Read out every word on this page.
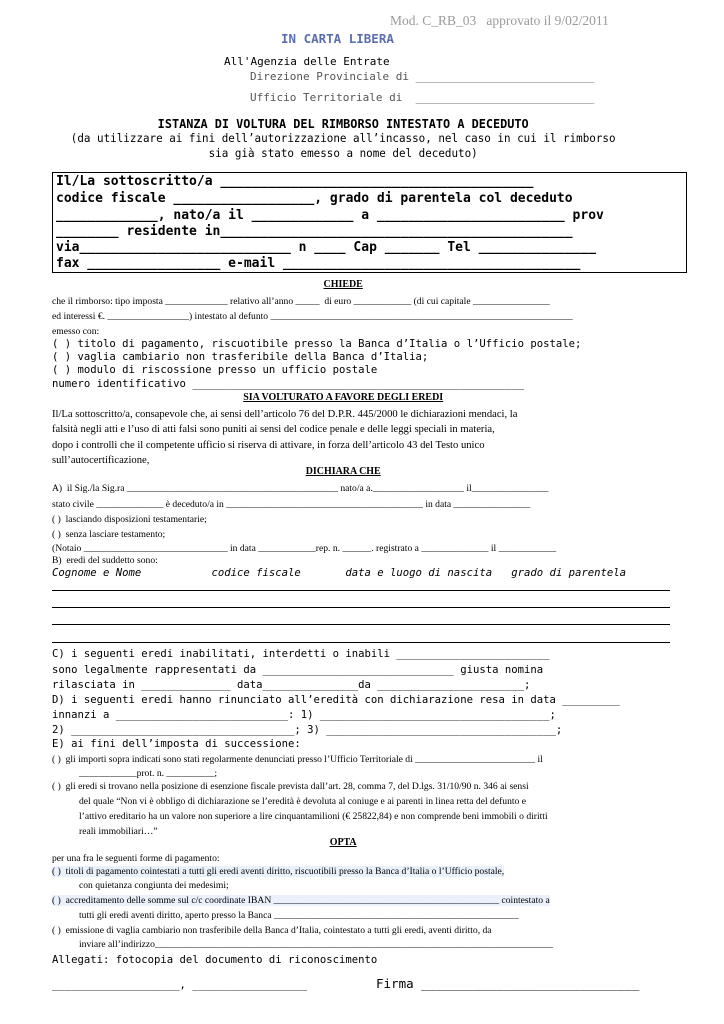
Mod. C_RB_03   approvato il 9/02/2011
IN CARTA LIBERA
All'Agenzia delle Entrate
Direzione Provinciale di ___________________________
Ufficio Territoriale di  ___________________________
ISTANZA DI VOLTURA DEL RIMBORSO INTESTATO A DECEDUTO
(da utilizzare ai fini dell’autorizzazione all’incasso, nel caso in cui il rimborso
sia già stato emesso a nome del deceduto)
Il/La sottoscritto/a ________________________________________
codice fiscale __________________, grado di parentela col deceduto
_____________, nato/a il _____________ a ________________________ prov
________ residente in_____________________________________________
via___________________________ n ____ Cap _______ Tel _______________
fax _________________ e-mail ______________________________________
CHIEDE
che il rimborso: tipo imposta _____________ relativo all’anno _____  di euro ____________ (di cui capitale ________________
ed interessi €. _________________) intestato al defunto _______________________________________________________________
emesso con:
( ) titolo di pagamento, riscuotibile presso la Banca d’Italia o l’Ufficio postale;
( ) vaglia cambiario non trasferibile della Banca d’Italia;
( ) modulo di riscossione presso un ufficio postale
numero identificativo ____________________________________________________
SIA VOLTURATO A FAVORE DEGLI EREDI
Il/La sottoscritto/a, consapevole che, ai sensi dell’articolo 76 del D.P.R. 445/2000 le dichiarazioni mendaci, la
falsità negli atti e l’uso di atti falsi sono puniti ai sensi del codice penale e delle leggi speciali in materia,
dopo i controlli che il competente ufficio si riserva di attivare, in forza dell’articolo 43 del Testo unico
sull’autocertificazione,
DICHIARA CHE
A)  il Sig./la Sig.ra ____________________________________________ nato/a a.___________________ il________________
stato civile ______________ è deceduto/a in _________________________________________ in data ________________
( )  lasciando disposizioni testamentarie;
( )  senza lasciare testamento;
(Notaio ______________________________ in data ____________rep. n. ______. registrato a ______________ il ____________
B)  eredi del suddetto sono:
Cognome e Nome           codice fiscale       data e luogo di nascita   grado di parentela
C) i seguenti eredi inabilitati, interdetti o inabili ________________________
sono legalmente rappresentati da ______________________________ giusta nomina
rilasciata in ______________ data_______________da _______________________;
D) i seguenti eredi hanno rinunciato all’eredità con dichiarazione resa in data _________
innanzi a ___________________________: 1) ____________________________________;
2) ___________________________________; 3) ____________________________________;
E) ai fini dell’imposta di successione:
( )  gli importi sopra indicati sono stati regolarmente denunciati presso l’Ufficio Territoriale di _________________________ il
____________prot. n. __________;
( )  gli eredi si trovano nella posizione di esenzione fiscale prevista dall’art. 28, comma 7, del D.lgs. 31/10/90 n. 346 ai sensi
del quale “Non vi è obbligo di dichiarazione se l’eredità è devoluta al coniuge e ai parenti in linea retta del defunto e
l’attivo ereditario ha un valore non superiore a lire cinquantamilioni (€ 25822,84) e non comprende beni immobili o diritti
reali immobiliari…”
OPTA
per una fra le seguenti forme di pagamento:
( )  titoli di pagamento cointestati a tutti gli eredi aventi diritto, riscuotibili presso la Banca d’Italia o l’Ufficio postale,
con quietanza congiunta dei medesimi;
( )  accreditamento delle somme sul c/c coordinate IBAN _______________________________________________ cointestato a
tutti gli eredi aventi diritto, aperto presso la Banca ___________________________________________________
( )  emissione di vaglia cambiario non trasferibile della Banca d’Italia, cointestato a tutti gli eredi, aventi diritto, da
inviare all’indirizzo___________________________________________________________________________________
Allegati: fotocopia del documento di riconoscimento
____________________, __________________	Firma _____________________________
